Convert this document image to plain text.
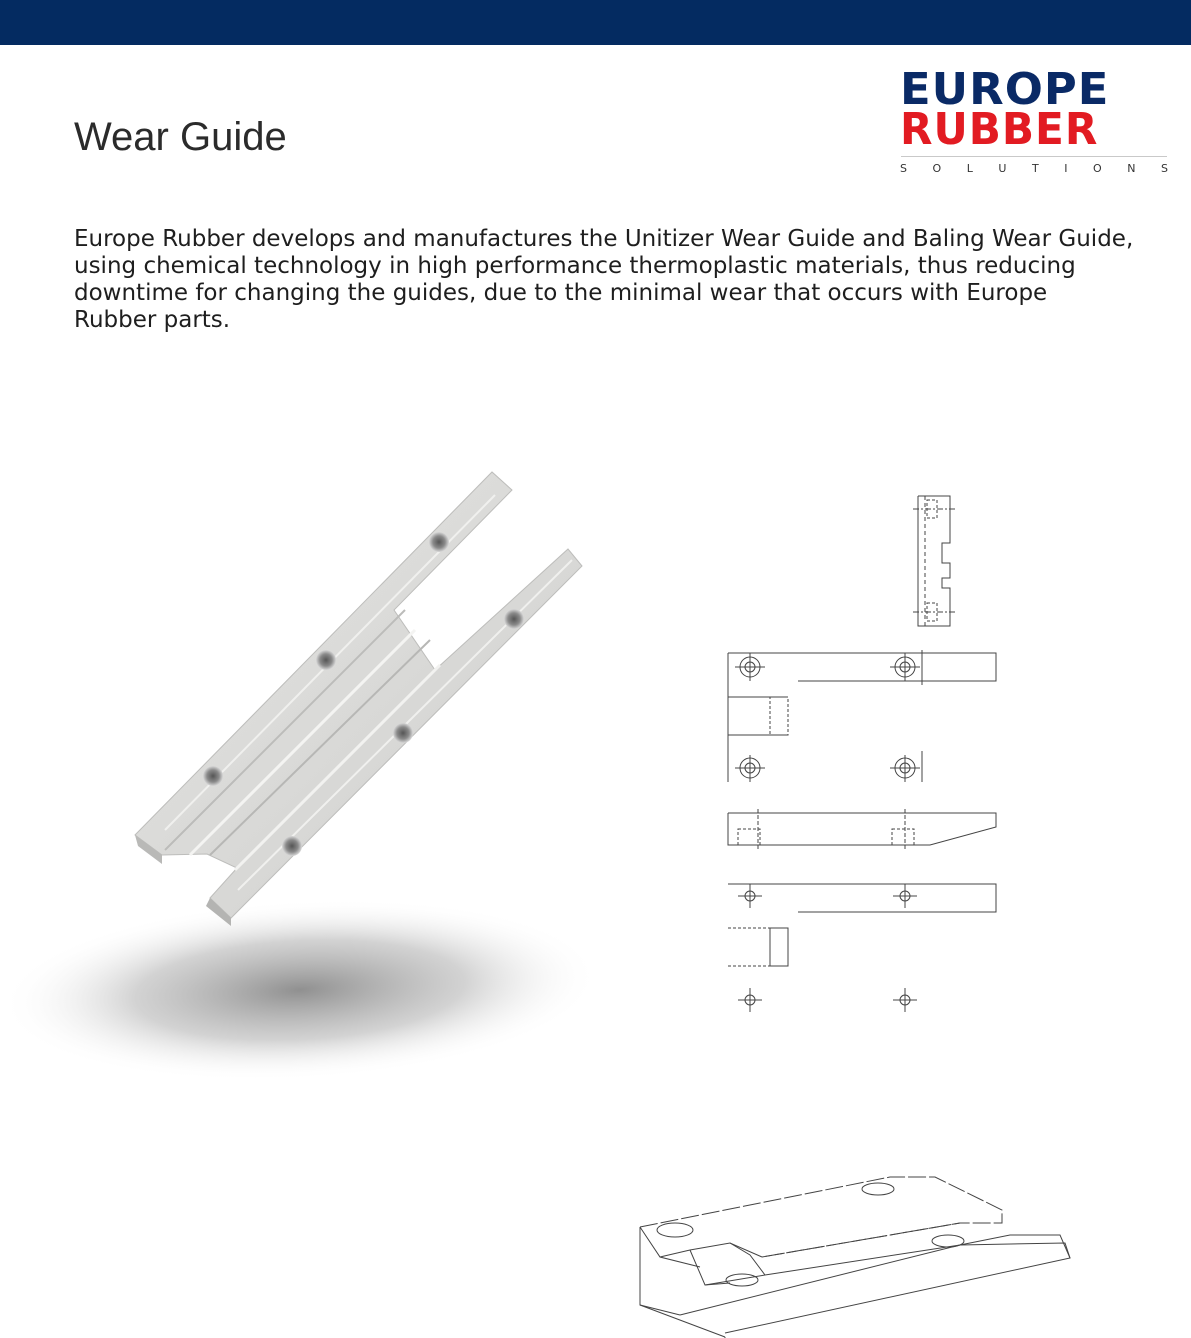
Wear Guide
EUROPE
RUBBER
S O L U T I O N S

Europe Rubber develops and manufactures the Unitizer Wear Guide and Baling Wear Guide, using chemical technology in high performance thermoplastic materials, thus reducing downtime for changing the guides, due to the minimal wear that occurs with Europe Rubber parts.
